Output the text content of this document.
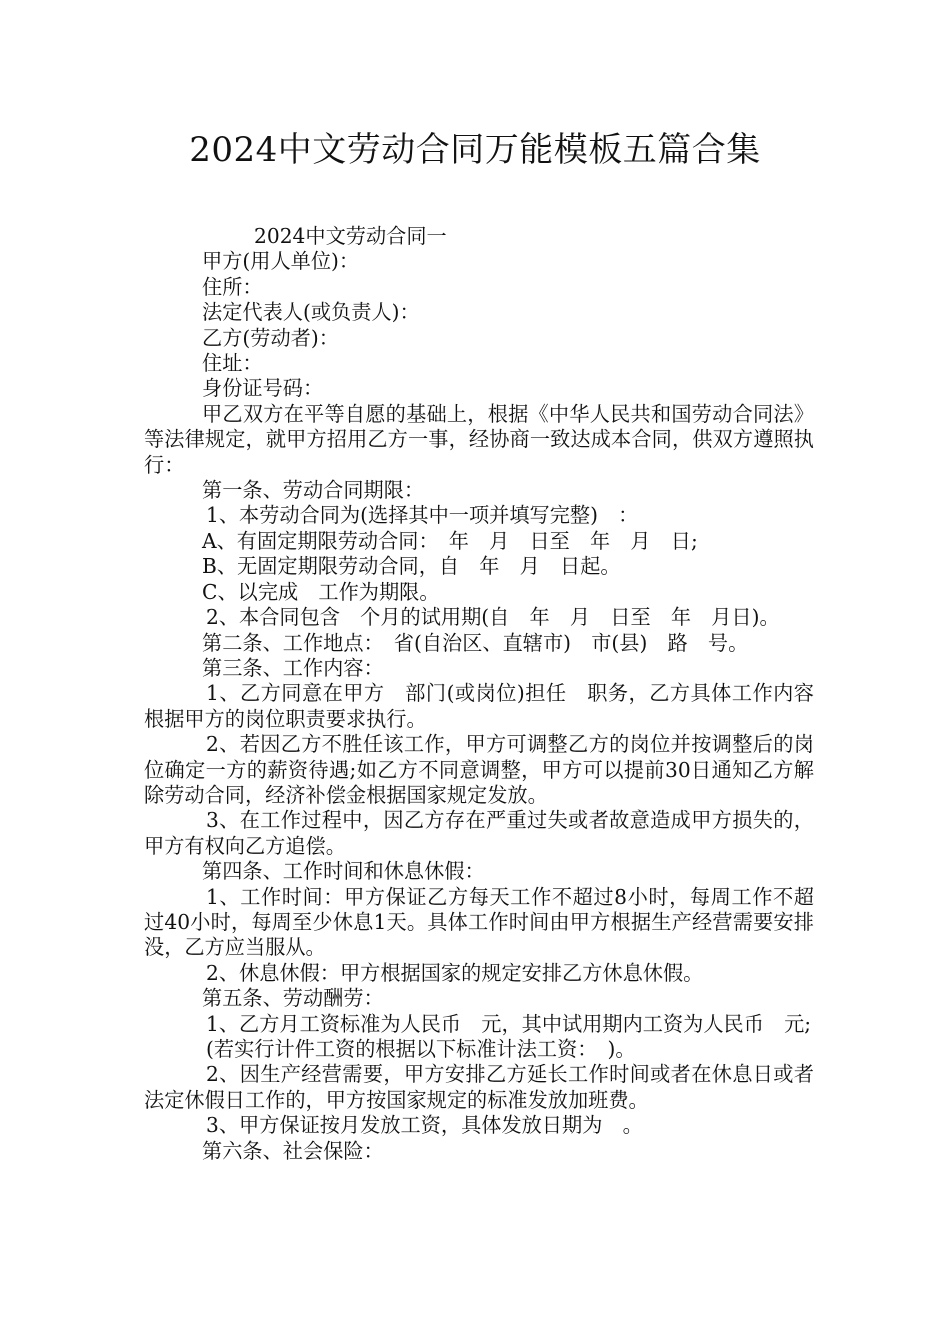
2024中文劳动合同万能模板五篇合集

2024中文劳动合同一

甲方(用人单位)：

住所：

法定代表人(或负责人)：

乙方(劳动者)：

住址：

身份证号码：

甲乙双方在平等自愿的基础上，根据《中华人民共和国劳动合同法》等法律规定，就甲方招用乙方一事，经协商一致达成本合同，供双方遵照执行：

第一条、劳动合同期限：

1、本劳动合同为(选择其中一项并填写完整)　：

A、有固定期限劳动合同：　年　月　日至　年　月　日;

B、无固定期限劳动合同，自　年　月　日起。

C、以完成　工作为期限。

2、本合同包含　个月的试用期(自　年　月　日至　年　月日)。

第二条、工作地点：　省(自治区、直辖市)　市(县)　路　号。

第三条、工作内容：

1、乙方同意在甲方　部门(或岗位)担任　职务，乙方具体工作内容根据甲方的岗位职责要求执行。

2、若因乙方不胜任该工作，甲方可调整乙方的岗位并按调整后的岗位确定一方的薪资待遇;如乙方不同意调整，甲方可以提前30日通知乙方解除劳动合同，经济补偿金根据国家规定发放。

3、在工作过程中，因乙方存在严重过失或者故意造成甲方损失的，甲方有权向乙方追偿。

第四条、工作时间和休息休假：

1、工作时间：甲方保证乙方每天工作不超过8小时，每周工作不超过40小时，每周至少休息1天。具体工作时间由甲方根据生产经营需要安排没，乙方应当服从。

2、休息休假：甲方根据国家的规定安排乙方休息休假。

第五条、劳动酬劳：

1、乙方月工资标准为人民币　元，其中试用期内工资为人民币　元;

(若实行计件工资的根据以下标准计法工资：　)。

2、因生产经营需要，甲方安排乙方延长工作时间或者在休息日或者法定休假日工作的，甲方按国家规定的标准发放加班费。

3、甲方保证按月发放工资，具体发放日期为　。

第六条、社会保险：
